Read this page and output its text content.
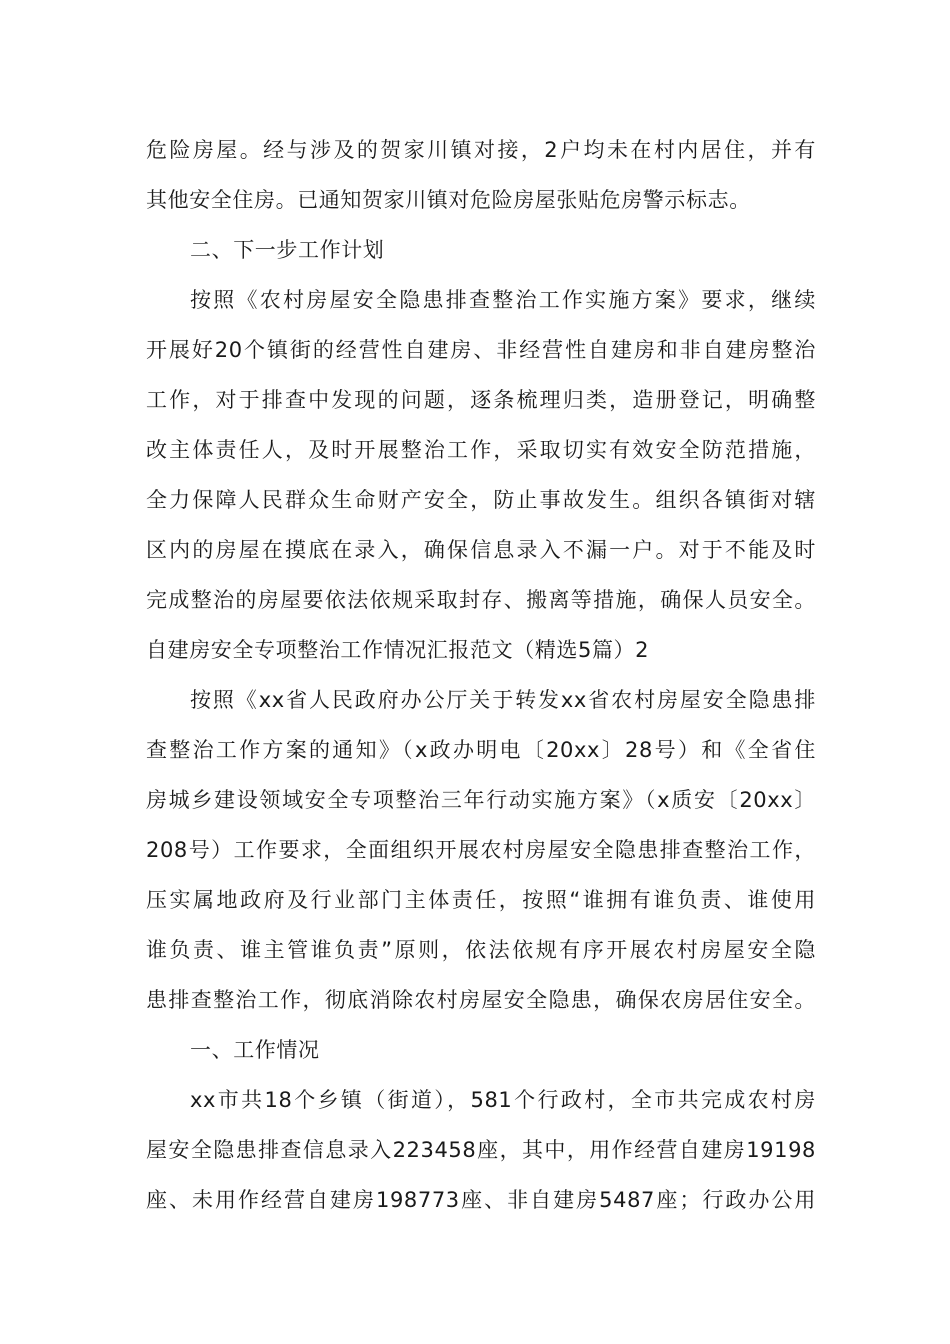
危险房屋。经与涉及的贺家川镇对接，2户均未在村内居住，并有
其他安全住房。已通知贺家川镇对危险房屋张贴危房警示标志。
二、下一步工作计划
按照《农村房屋安全隐患排查整治工作实施方案》要求，继续
开展好20个镇街的经营性自建房、非经营性自建房和非自建房整治
工作，对于排查中发现的问题，逐条梳理归类，造册登记，明确整
改主体责任人，及时开展整治工作，采取切实有效安全防范措施，
全力保障人民群众生命财产安全，防止事故发生。组织各镇街对辖
区内的房屋在摸底在录入，确保信息录入不漏一户。对于不能及时
完成整治的房屋要依法依规采取封存、搬离等措施，确保人员安全。
自建房安全专项整治工作情况汇报范文（精选5篇）2
按照《xx省人民政府办公厅关于转发xx省农村房屋安全隐患排
查整治工作方案的通知》（x政办明电〔20xx〕28号）和《全省住
房城乡建设领域安全专项整治三年行动实施方案》（x质安〔20xx〕
208号）工作要求，全面组织开展农村房屋安全隐患排查整治工作，
压实属地政府及行业部门主体责任，按照“谁拥有谁负责、谁使用
谁负责、谁主管谁负责”原则，依法依规有序开展农村房屋安全隐
患排查整治工作，彻底消除农村房屋安全隐患，确保农房居住安全。
一、工作情况
xx市共18个乡镇（街道），581个行政村，全市共完成农村房
屋安全隐患排查信息录入223458座，其中，用作经营自建房19198
座、未用作经营自建房198773座、非自建房5487座；行政办公用
